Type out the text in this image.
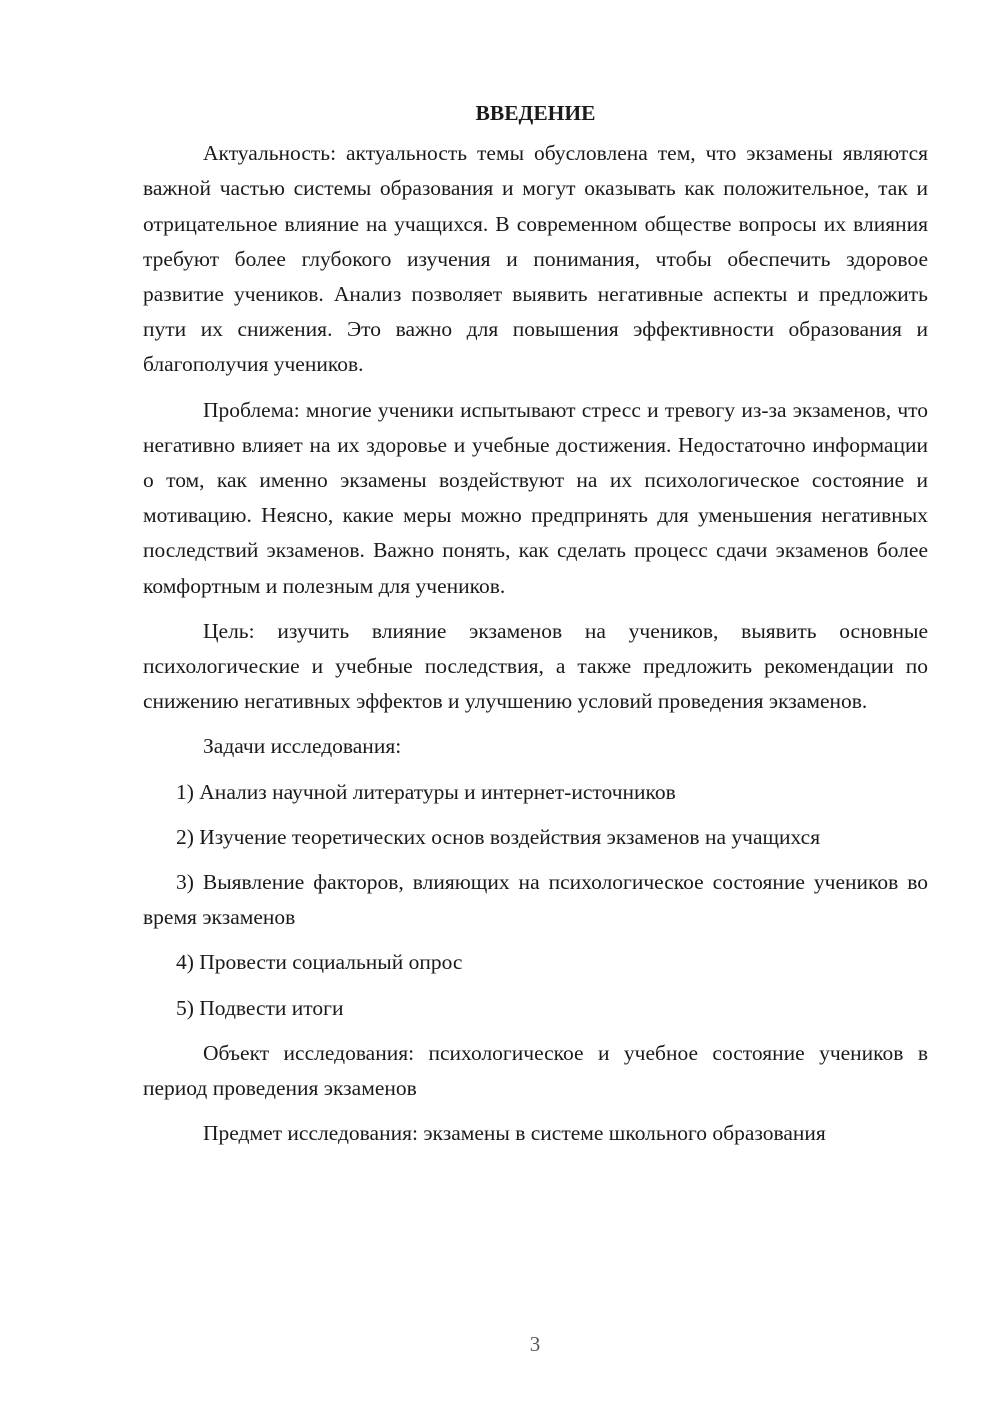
ВВЕДЕНИЕ
Актуальность: актуальность темы обусловлена тем, что экзамены являются важной частью системы образования и могут оказывать как положительное, так и отрицательное влияние на учащихся. В современном обществе вопросы их влияния требуют более глубокого изучения и понимания, чтобы обеспечить здоровое развитие учеников. Анализ позволяет выявить негативные аспекты и предложить пути их снижения. Это важно для повышения эффективности образования и благополучия учеников.
Проблема: многие ученики испытывают стресс и тревогу из-за экзаменов, что негативно влияет на их здоровье и учебные достижения. Недостаточно информации о том, как именно экзамены воздействуют на их психологическое состояние и мотивацию. Неясно, какие меры можно предпринять для уменьшения негативных последствий экзаменов. Важно понять, как сделать процесс сдачи экзаменов более комфортным и полезным для учеников.
Цель: изучить влияние экзаменов на учеников, выявить основные психологические и учебные последствия, а также предложить рекомендации по снижению негативных эффектов и улучшению условий проведения экзаменов.
Задачи исследования:
1) Анализ научной литературы и интернет-источников
2) Изучение теоретических основ воздействия экзаменов на учащихся
3) Выявление факторов, влияющих на психологическое состояние учеников во время экзаменов
4) Провести социальный опрос
5) Подвести итоги
Объект исследования: психологическое и учебное состояние учеников в период проведения экзаменов
Предмет исследования: экзамены в системе школьного образования
3
